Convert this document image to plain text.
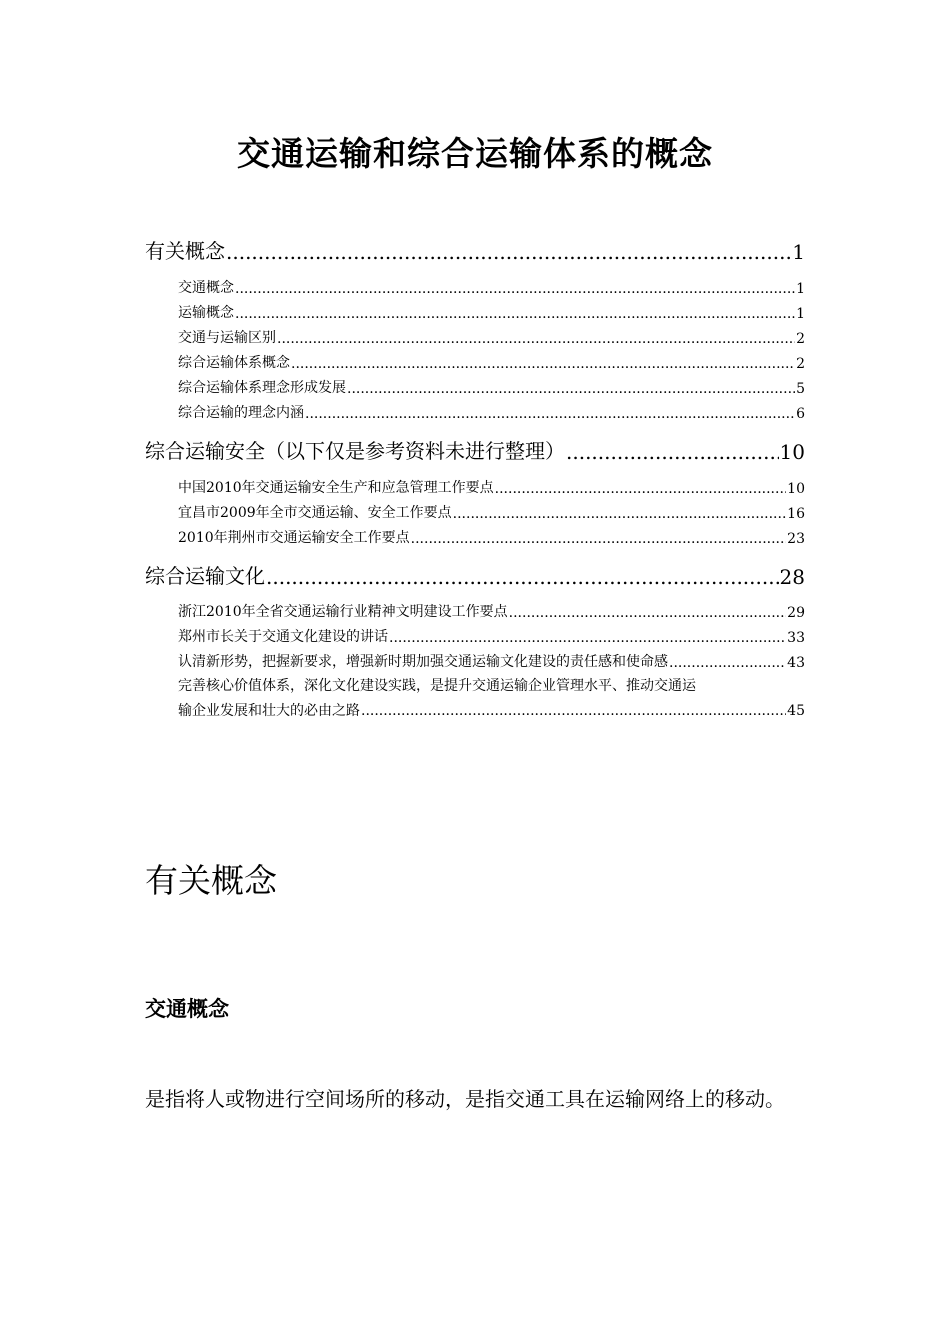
交通运输和综合运输体系的概念
有关概念 .....	1
交通概念 .....	1
运输概念 .....	1
交通与运输区别 .....	2
综合运输体系概念 .....	2
综合运输体系理念形成发展 .....	5
综合运输的理念内涵 .....	6
综合运输安全（以下仅是参考资料未进行整理） .....	10
中国2010年交通运输安全生产和应急管理工作要点 .....	10
宜昌市2009年全市交通运输、安全工作要点 .....	16
2010年荆州市交通运输安全工作要点 .....	23
综合运输文化 .....	28
浙江2010年全省交通运输行业精神文明建设工作要点 .....	29
郑州市长关于交通文化建设的讲话 .....	33
认清新形势，把握新要求，增强新时期加强交通运输文化建设的责任感和使命感 .....	43
完善核心价值体系，深化文化建设实践，是提升交通运输企业管理水平、推动交通运
输企业发展和壮大的必由之路 .....	45
有关概念
交通概念

是指将人或物进行空间场所的移动，是指交通工具在运输网络上的移动。
